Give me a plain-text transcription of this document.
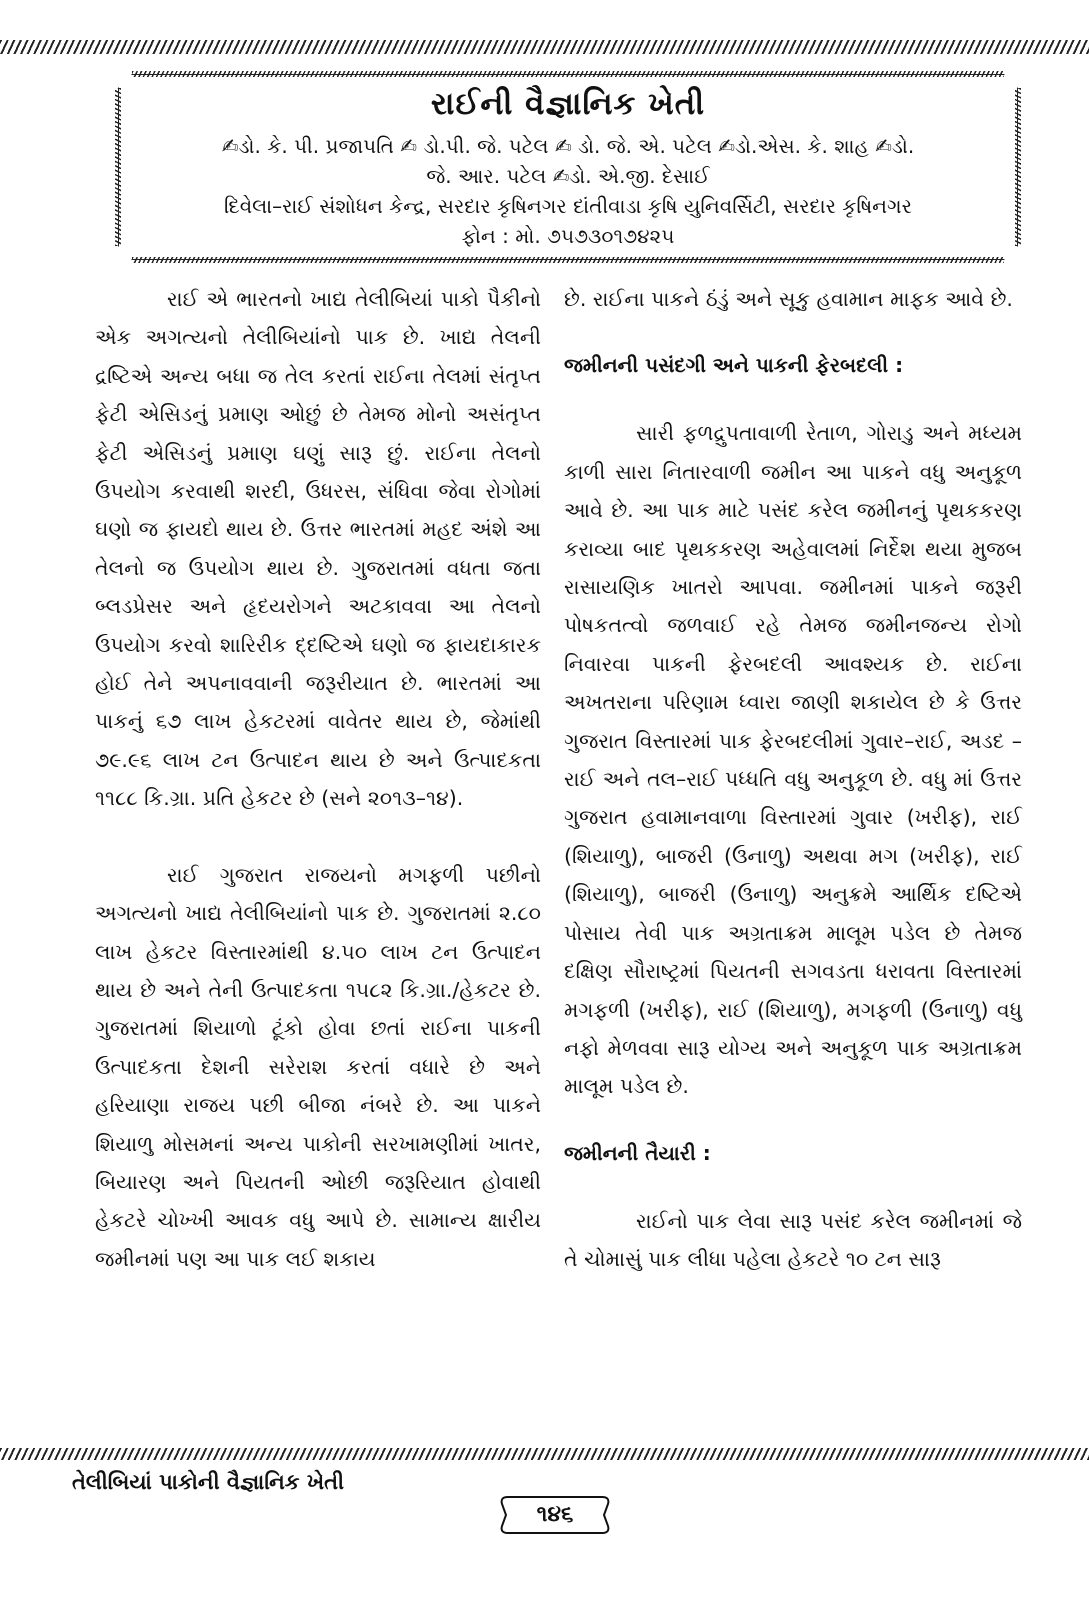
રાઈની વૈજ્ઞાનિક ખેતી
✍ડો. કે. પી. પ્રજાપતિ ✍ ડો.પી. જે. પટેલ ✍ ડો. જે. એ. પટેલ ✍ડો.એસ. કે. શાહ ✍ડો.
જે. આર. પટેલ ✍ડો. એ.જી. દેસાઈ
દિવેલા–રાઈ સંશોધન કેન્દ્ર, સરદાર કૃષિનગર દાંતીવાડા કૃષિ યુનિવર્સિટી, સરદાર કૃષિનગર
ફોન : મો. ૭૫૭૩૦૧૭૪૨૫

રાઈ એ ભારતનો ખાદ્ય તેલીબિયાં પાકો પૈકીનો એક અગત્યનો તેલીબિયાંનો પાક છે. ખાદ્ય તેલની દ્રષ્ટિએ અન્ય બધા જ તેલ કરતાં રાઈના તેલમાં સંતૃપ્ત ફેટી એસિડનું પ્રમાણ ઓછું છે તેમજ મોનો અસંતૃપ્ત ફેટી એસિડનું પ્રમાણ ઘણું સારૂ છું. રાઈના તેલનો ઉપયોગ કરવાથી શરદી, ઉધરસ, સંધિવા જેવા રોગોમાં ઘણો જ ફાયદો થાય છે. ઉત્તર ભારતમાં મહદ અંશે આ તેલનો જ ઉપયોગ થાય છે. ગુજરાતમાં વધતા જતા બ્લડપ્રેસર અને હૃદયરોગને અટકાવવા આ તેલનો ઉપયોગ કરવો શારિરીક દ્દષ્ટિએ ઘણો જ ફાયદાકારક હોઈ તેને અપનાવવાની જરૂરીયાત છે. ભારતમાં આ પાકનું ૬૭ લાખ હેકટરમાં વાવેતર થાય છે, જેમાંથી ૭૯.૯૬ લાખ ટન ઉત્પાદન થાય છે અને ઉત્પાદકતા ૧૧૮૮ કિ.ગ્રા. પ્રતિ હેકટર છે (સને ૨૦૧૩–૧૪).

રાઈ ગુજરાત રાજયનો મગફળી પછીનો અગત્યનો ખાદ્ય તેલીબિયાંનો પાક છે. ગુજરાતમાં ૨.૮૦ લાખ હેકટર વિસ્તારમાંથી ૪.૫૦ લાખ ટન ઉત્પાદન થાય છે અને તેની ઉત્પાદકતા ૧૫૮૨ કિ.ગ્રા./હેકટર છે. ગુજરાતમાં શિયાળો ટૂંકો હોવા છતાં રાઈના પાકની ઉત્પાદકતા દેશની સરેરાશ કરતાં વધારે છે અને હરિયાણા રાજય પછી બીજા નંબરે છે. આ પાકને શિયાળુ મોસમનાં અન્ય પાકોની સરખામણીમાં ખાતર, બિયારણ અને પિયતની ઓછી જરૂરિયાત હોવાથી હેકટરે ચોખ્ખી આવક વધુ આપે છે. સામાન્ય ક્ષારીય જમીનમાં પણ આ પાક લઈ શકાય

છે. રાઈના પાકને ઠંડું અને સૂકુ હવામાન માફક આવે છે.

જમીનની પસંદગી અને પાકની ફેરબદલી :

સારી ફળદ્રુપતાવાળી રેતાળ, ગોરાડુ અને મધ્યમ કાળી સારા નિતારવાળી જમીન આ પાકને વધુ અનુકૂળ આવે છે. આ પાક માટે પસંદ કરેલ જમીનનું પૃથકકરણ કરાવ્યા બાદ પૃથકકરણ અહેવાલમાં નિર્દેશ થયા મુજબ રાસાયણિક ખાતરો આપવા. જમીનમાં પાકને જરૂરી પોષકતત્વો જળવાઈ રહે તેમજ જમીનજન્ય રોગો નિવારવા પાકની ફેરબદલી આવશ્યક છે. રાઈના અખતરાના પરિણામ ધ્વારા જાણી શકાયેલ છે કે ઉત્તર ગુજરાત વિસ્તારમાં પાક ફેરબદલીમાં ગુવાર–રાઈ, અડદ –રાઈ અને તલ–રાઈ પધ્ધતિ વધુ અનુકૂળ છે. વધુ માં ઉત્તર ગુજરાત હવામાનવાળા વિસ્તારમાં ગુવાર (ખરીફ), રાઈ (શિયાળુ), બાજરી (ઉનાળુ) અથવા મગ (ખરીફ), રાઈ (શિયાળુ), બાજરી (ઉનાળુ) અનુક્રમે આર્થિક દષ્ટિએ પોસાય તેવી પાક અગ્રતાક્રમ માલૂમ પડેલ છે તેમજ દક્ષિણ સૌરાષ્ટ્રમાં પિયતની સગવડતા ધરાવતા વિસ્તારમાં મગફળી (ખરીફ), રાઈ (શિયાળુ), મગફળી (ઉનાળુ) વધુ નફો મેળવવા સારૂ યોગ્ય અને અનુકૂળ પાક અગ્રતાક્રમ માલૂમ પડેલ છે.

જમીનની તૈયારી :

રાઈનો પાક લેવા સારૂ પસંદ કરેલ જમીનમાં જે તે ચોમાસું પાક લીધા પહેલા હેકટરે ૧૦ ટન સારૂ

તેલીબિયાં પાકોની વૈજ્ઞાનિક ખેતી
૧૪૬
